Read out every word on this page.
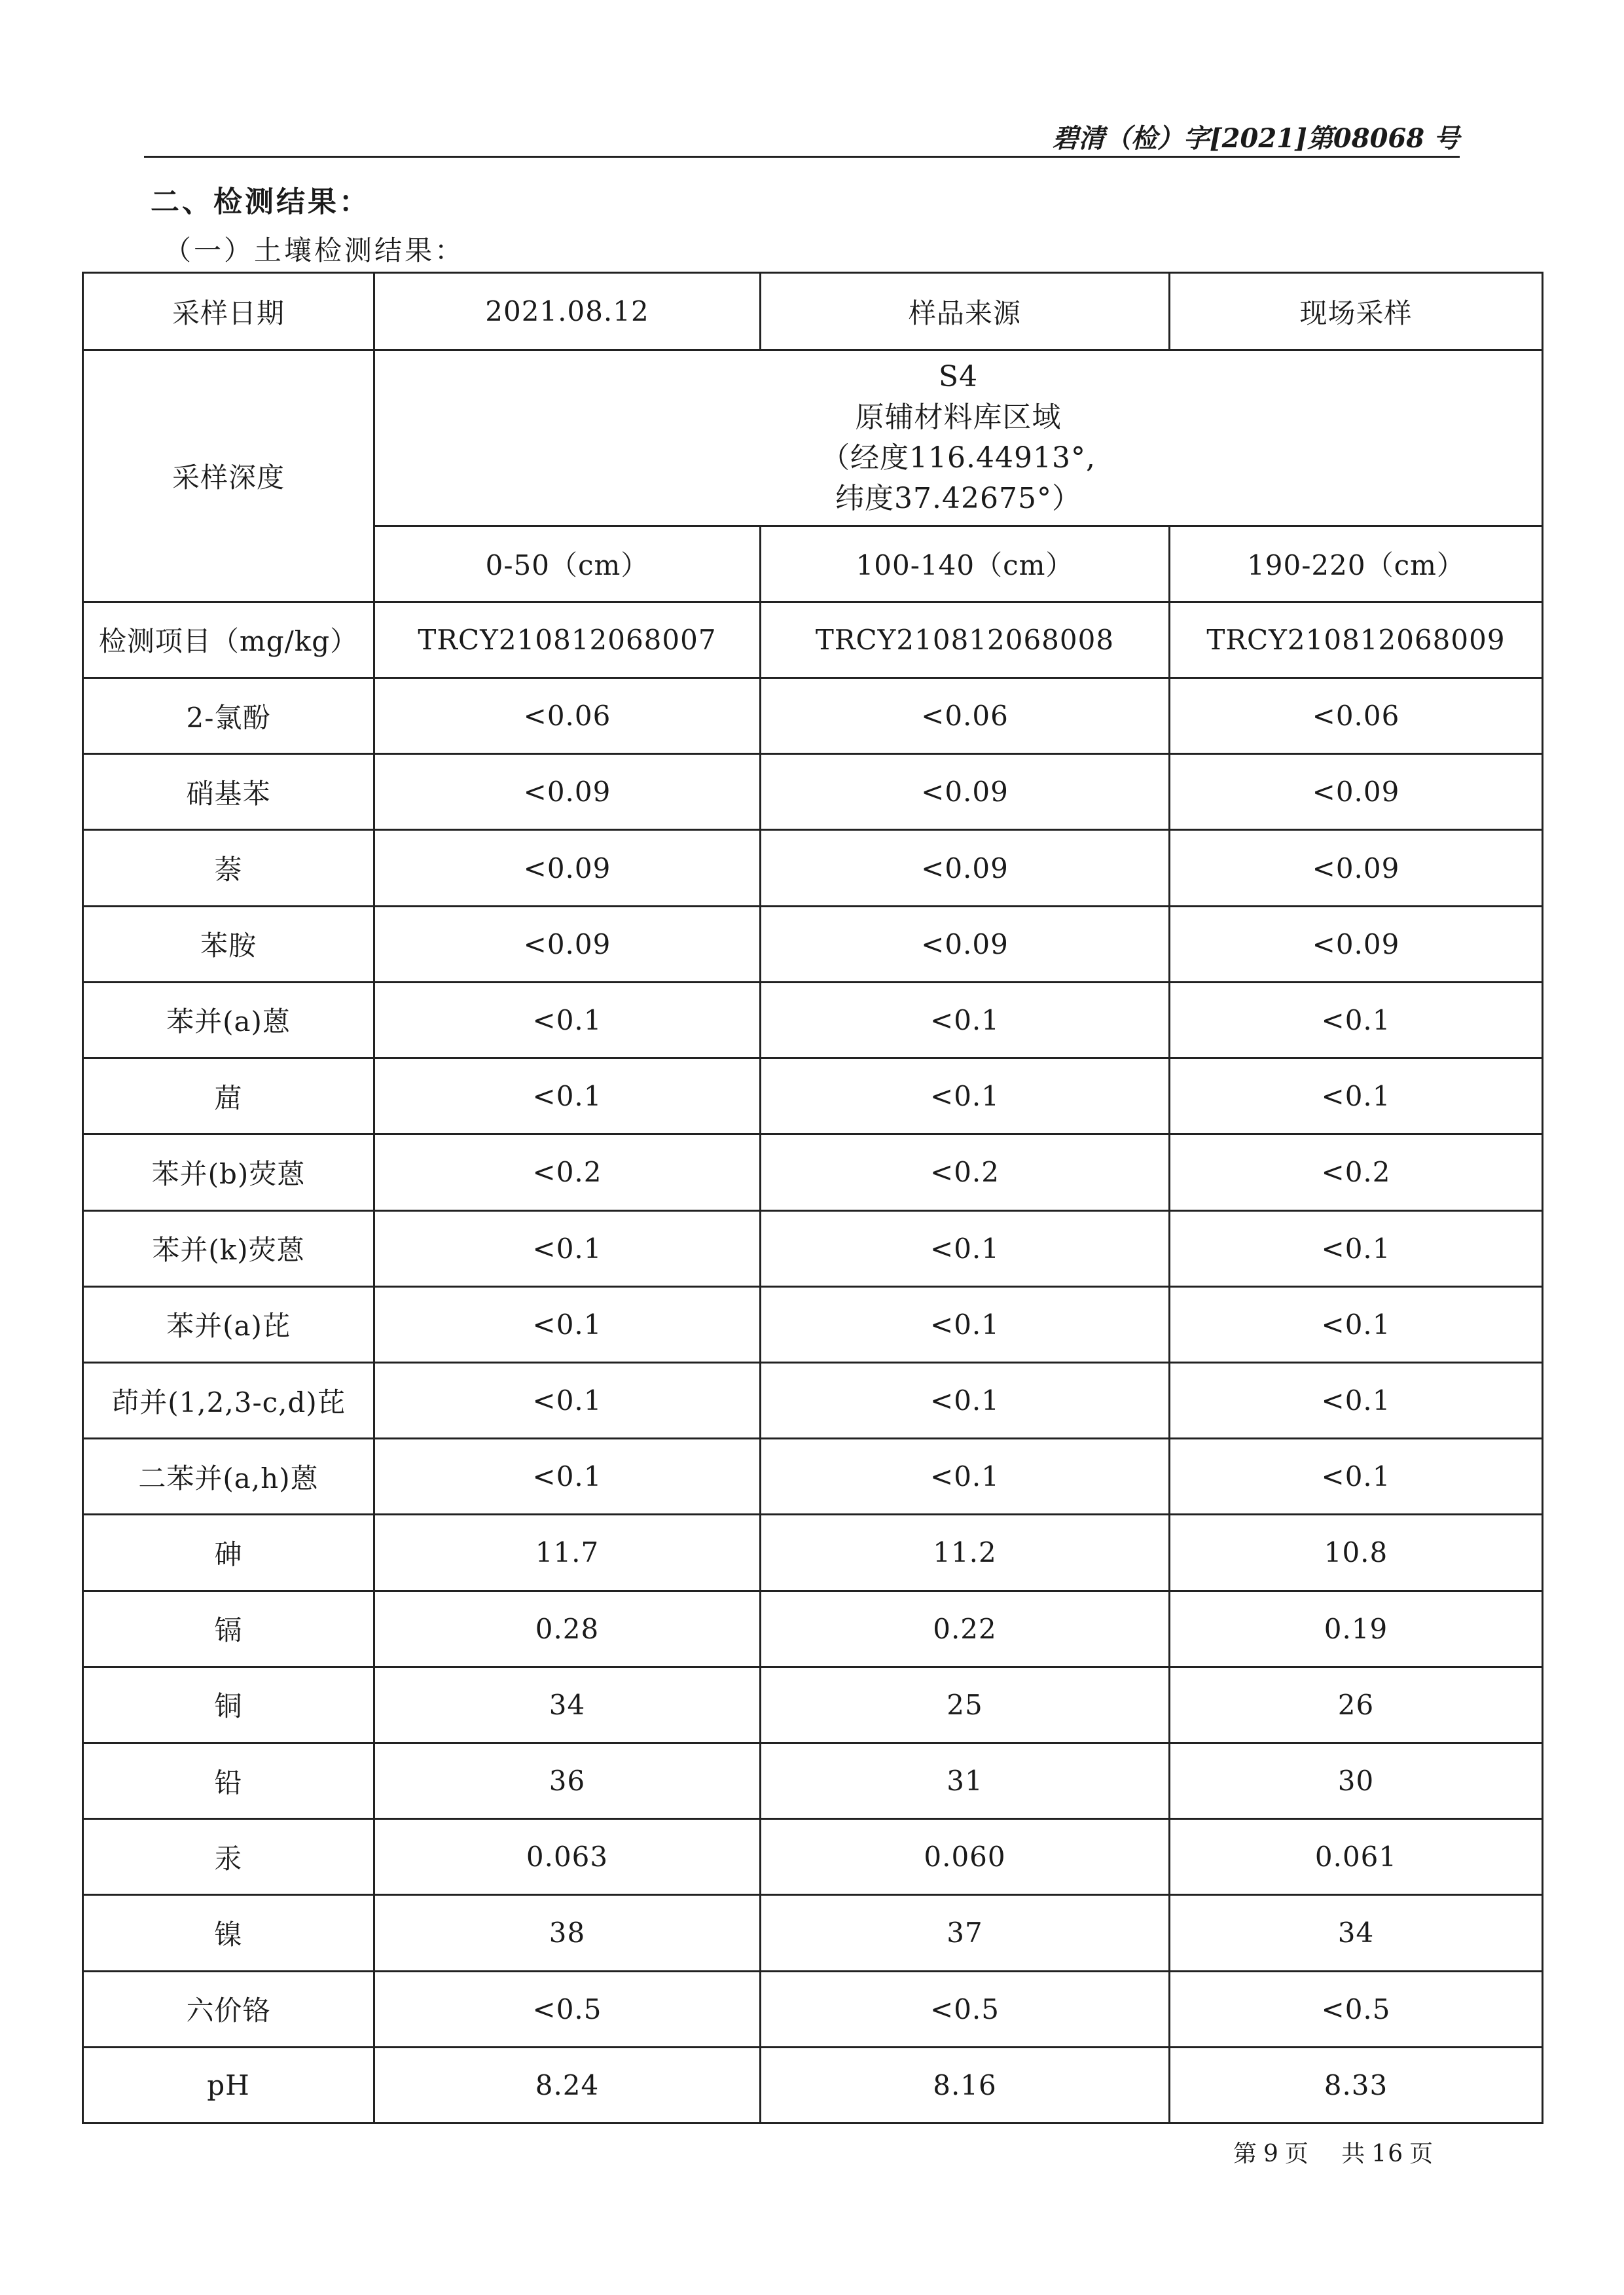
碧清（检）字[2021]第08068 号
二、检测结果：
（一）土壤检测结果：
采样日期	2021.08.12	样品来源	现场采样
采样深度	S4
原辅材料库区域
（经度116.44913°,
纬度37.42675°）		

	0-50（cm）	100-140（cm）	190-220（cm）
检测项目（mg/kg）	TRCY210812068007	TRCY210812068008	TRCY210812068009
2-氯酚	<0.06	<0.06	<0.06
硝基苯	<0.09	<0.09	<0.09
萘	<0.09	<0.09	<0.09
苯胺	<0.09	<0.09	<0.09
苯并(a)蒽	<0.1	<0.1	<0.1
䓛	<0.1	<0.1	<0.1
苯并(b)荧蒽	<0.2	<0.2	<0.2
苯并(k)荧蒽	<0.1	<0.1	<0.1
苯并(a)芘	<0.1	<0.1	<0.1
茚并(1,2,3-c,d)芘	<0.1	<0.1	<0.1
二苯并(a,h)蒽	<0.1	<0.1	<0.1
砷	11.7	11.2	10.8
镉	0.28	0.22	0.19
铜	34	25	26
铅	36	31	30
汞	0.063	0.060	0.061
镍	38	37	34
六价铬	<0.5	<0.5	<0.5
pH	8.24	8.16	8.33
第 9 页 共 16 页
